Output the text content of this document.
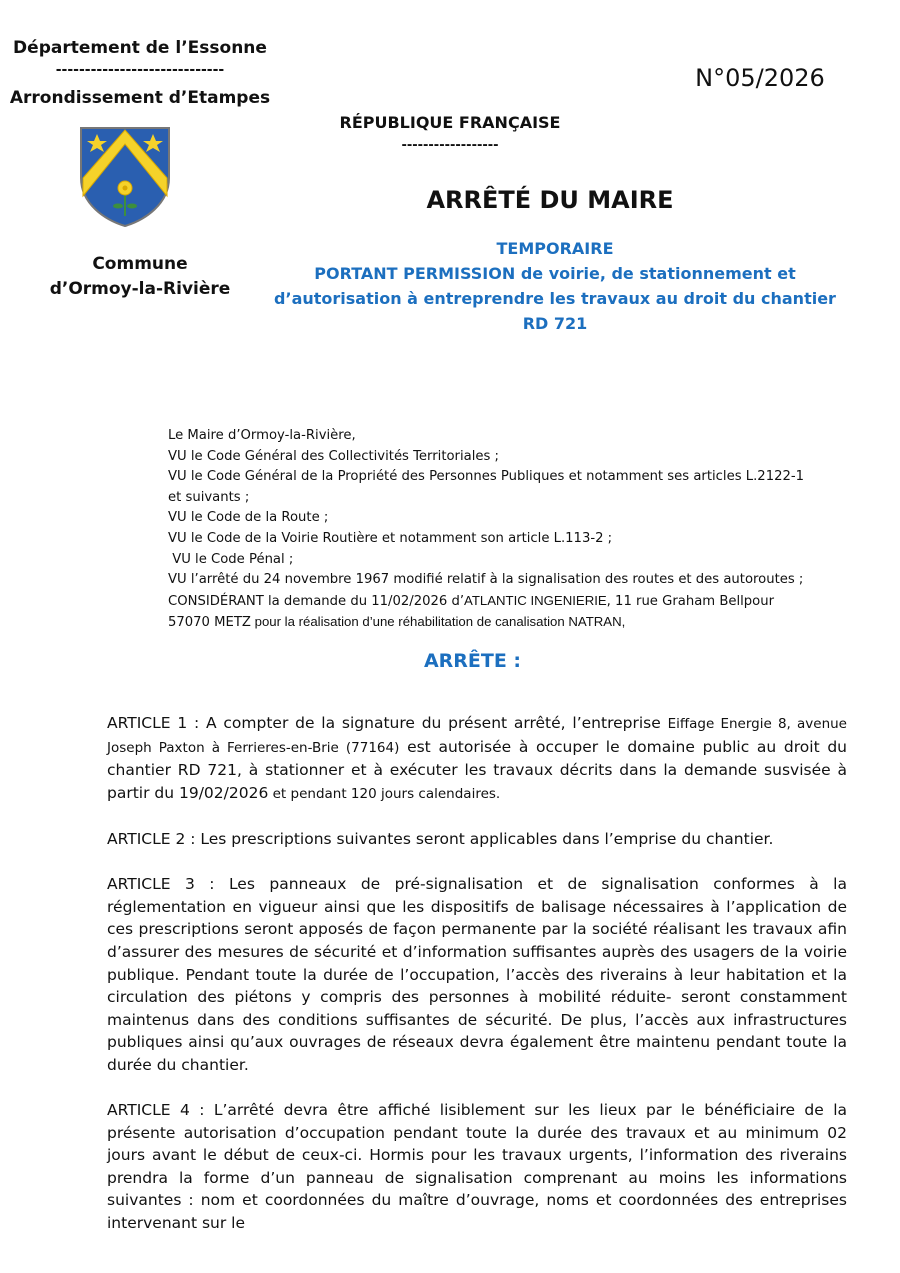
Département de l’Essonne
-----------------------------
Arrondissement d’Etampes
Commune
d’Ormoy-la-Rivière
N°05/2026
RÉPUBLIQUE FRANÇAISE
------------------
ARRÊTÉ DU MAIRE
TEMPORAIRE
PORTANT PERMISSION de voirie, de stationnement et
d’autorisation à entreprendre les travaux au droit du chantier
RD 721
Le Maire d’Ormoy-la-Rivière,
VU le Code Général des Collectivités Territoriales ;
VU le Code Général de la Propriété des Personnes Publiques et notamment ses articles L.2122-1
et suivants ;
VU le Code de la Route ;
VU le Code de la Voirie Routière et notamment son article L.113-2 ;
VU le Code Pénal ;
VU l’arrêté du 24 novembre 1967 modifié relatif à la signalisation des routes et des autoroutes ;
CONSIDÉRANT la demande du 11/02/2026 d’ATLANTIC INGENIERIE, 11 rue Graham Bellpour
57070 METZ pour la réalisation d’une réhabilitation de canalisation NATRAN,
ARRÊTE :

ARTICLE 1 : A compter de la signature du présent arrêté, l’entreprise Eiffage Energie 8, avenue Joseph Paxton à Ferrieres-en-Brie (77164) est autorisée à occuper le domaine public au droit du chantier RD 721, à stationner et à exécuter les travaux décrits dans la demande susvisée à partir du 19/02/2026 et pendant 120 jours calendaires.

ARTICLE 2 : Les prescriptions suivantes seront applicables dans l’emprise du chantier.

ARTICLE 3 : Les panneaux de pré-signalisation et de signalisation conformes à la réglementation en vigueur ainsi que les dispositifs de balisage nécessaires à l’application de ces prescriptions seront apposés de façon permanente par la société réalisant les travaux afin d’assurer des mesures de sécurité et d’information suffisantes auprès des usagers de la voirie publique. Pendant toute la durée de l’occupation, l’accès des riverains à leur habitation et la circulation des piétons y compris des personnes à mobilité réduite- seront constamment maintenus dans des conditions suffisantes de sécurité. De plus, l’accès aux infrastructures publiques ainsi qu’aux ouvrages de réseaux devra également être maintenu pendant toute la durée du chantier.

ARTICLE 4 : L’arrêté devra être affiché lisiblement sur les lieux par le bénéficiaire de la présente autorisation d’occupation pendant toute la durée des travaux et au minimum 02 jours avant le début de ceux-ci. Hormis pour les travaux urgents, l’information des riverains prendra la forme d’un panneau de signalisation comprenant au moins les informations suivantes : nom et coordonnées du maître d’ouvrage, noms et coordonnées des entreprises intervenant sur le
